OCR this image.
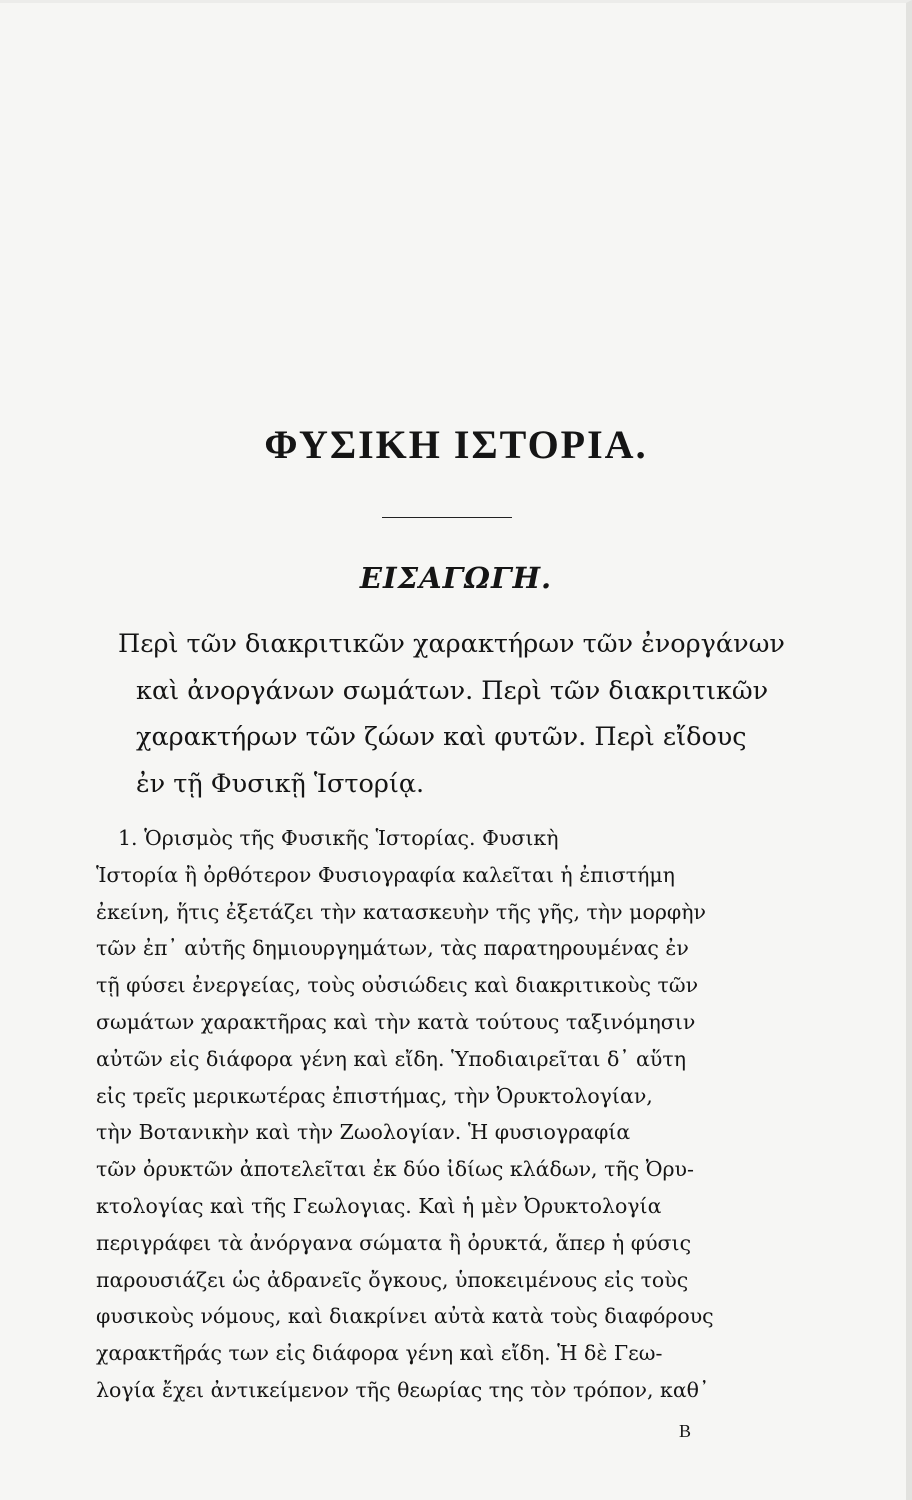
ΦΥΣΙΚΗ ΙΣΤΟΡΙΑ.
ΕΙΣΑΓΩΓΗ.

Περὶ τῶν διακριτικῶν χαρακτήρων τῶν ἐνοργάνων
καὶ ἀνοργάνων σωμάτων. Περὶ τῶν διακριτικῶν
χαρακτήρων τῶν ζώων καὶ φυτῶν. Περὶ εἴδους
ἐν τῇ Φυσικῇ Ἱστορίᾳ.

1. Ὁρισμὸς τῆς Φυσικῆς Ἱστορίας. Φυσικὴ
Ἱστορία ἢ ὀρθότερον Φυσιογραφία καλεῖται ἡ ἐπιστήμη
ἐκείνη, ἥτις ἐξετάζει τὴν κατασκευὴν τῆς γῆς, τὴν μορφὴν
τῶν ἐπ᾽ αὐτῆς δημιουργημάτων, τὰς παρατηρουμένας ἐν
τῇ φύσει ἐνεργείας, τοὺς οὐσιώδεις καὶ διακριτικοὺς τῶν
σωμάτων χαρακτῆρας καὶ τὴν κατὰ τούτους ταξινόμησιν
αὐτῶν εἰς διάφορα γένη καὶ εἴδη. Ὑποδιαιρεῖται δ᾽ αὕτη
εἰς τρεῖς μερικωτέρας ἐπιστήμας, τὴν Ὀρυκτολογίαν,
τὴν Βοτανικὴν καὶ τὴν Ζωολογίαν. Ἡ φυσιογραφία
τῶν ὀρυκτῶν ἀποτελεῖται ἐκ δύο ἰδίως κλάδων, τῆς Ὀρυ-
κτολογίας καὶ τῆς Γεωλογιας. Καὶ ἡ μὲν Ὀρυκτολογία
περιγράφει τὰ ἀνόργανα σώματα ἢ ὀρυκτά, ἅπερ ἡ φύσις
παρουσιάζει ὡς ἀδρανεῖς ὄγκους, ὑποκειμένους εἰς τοὺς
φυσικοὺς νόμους, καὶ διακρίνει αὐτὰ κατὰ τοὺς διαφόρους
χαρακτῆράς των εἰς διάφορα γένη καὶ εἴδη. Ἡ δὲ Γεω-
λογία ἔχει ἀντικείμενον τῆς θεωρίας της τὸν τρόπον, καθ᾽

B
